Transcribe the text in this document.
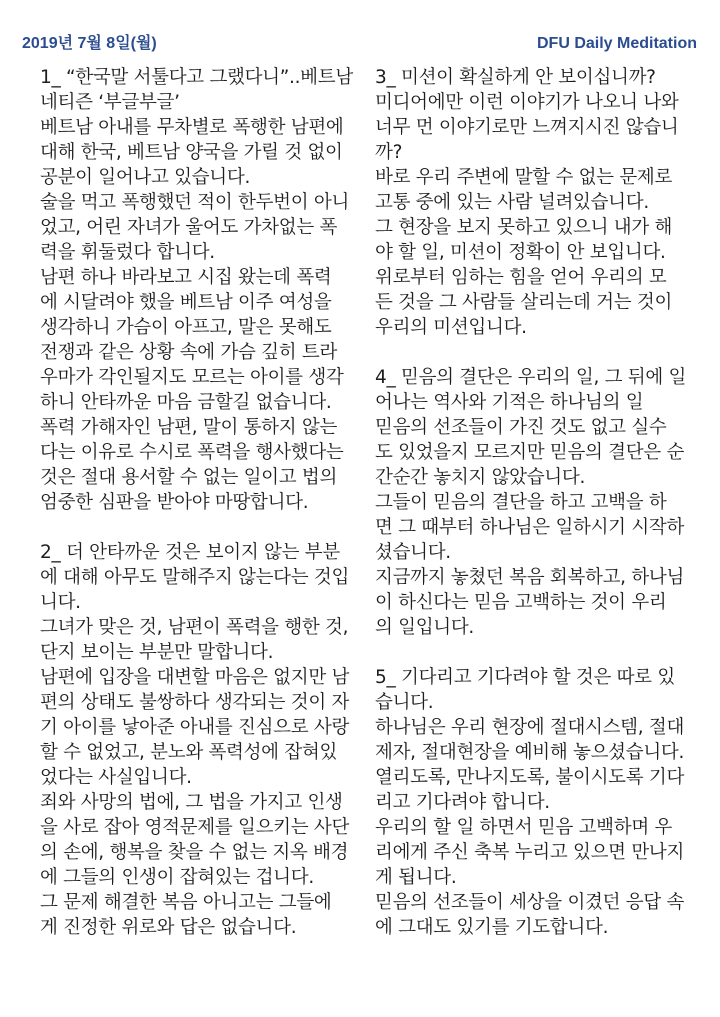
2019년 7월 8일(월)	DFU Daily Meditation
1_ “한국말 서툴다고 그랬다니”..베트남
네티즌 ‘부글부글’
베트남 아내를 무차별로 폭행한 남편에
대해 한국, 베트남 양국을 가릴 것 없이
공분이 일어나고 있습니다.
술을 먹고 폭행했던 적이 한두번이 아니
었고, 어린 자녀가 울어도 가차없는 폭
력을 휘둘렀다 합니다.
남편 하나 바라보고 시집 왔는데 폭력
에 시달려야 했을 베트남 이주 여성을
생각하니 가슴이 아프고, 말은 못해도
전쟁과 같은 상황 속에 가슴 깊히 트라
우마가 각인될지도 모르는 아이를 생각
하니 안타까운 마음 금할길 없습니다.
폭력 가해자인 남편, 말이 통하지 않는
다는 이유로 수시로 폭력을 행사했다는
것은 절대 용서할 수 없는 일이고 법의
엄중한 심판을 받아야 마땅합니다.
2_ 더 안타까운 것은 보이지 않는 부분
에 대해 아무도 말해주지 않는다는 것입
니다.
그녀가 맞은 것, 남편이 폭력을 행한 것,
단지 보이는 부분만 말합니다.
남편에 입장을 대변할 마음은 없지만 남
편의 상태도 불쌍하다 생각되는 것이 자
기 아이를 낳아준 아내를 진심으로 사랑
할 수 없었고, 분노와 폭력성에 잡혀있
었다는 사실입니다.
죄와 사망의 법에, 그 법을 가지고 인생
을 사로 잡아 영적문제를 일으키는 사단
의 손에, 행복을 찾을 수 없는 지옥 배경
에 그들의 인생이 잡혀있는 겁니다.
그 문제 해결한 복음 아니고는 그들에
게 진정한 위로와 답은 없습니다.
3_ 미션이 확실하게 안 보이십니까?
미디어에만 이런 이야기가 나오니 나와
너무 먼 이야기로만 느껴지시진 않습니
까?
바로 우리 주변에 말할 수 없는 문제로
고통 중에 있는 사람 널려있습니다.
그 현장을 보지 못하고 있으니 내가 해
야 할 일, 미션이 정확이 안 보입니다.
위로부터 임하는 힘을 얻어 우리의 모
든 것을 그 사람들 살리는데 거는 것이
우리의 미션입니다.
4_ 믿음의 결단은 우리의 일, 그 뒤에 일
어나는 역사와 기적은 하나님의 일
믿음의 선조들이 가진 것도 없고 실수
도 있었을지 모르지만 믿음의 결단은 순
간순간 놓치지 않았습니다.
그들이 믿음의 결단을 하고 고백을 하
면 그 때부터 하나님은 일하시기 시작하
셨습니다.
지금까지 놓쳤던 복음 회복하고, 하나님
이 하신다는 믿음 고백하는 것이 우리
의 일입니다.
5_ 기다리고 기다려야 할 것은 따로 있
습니다.
하나님은 우리 현장에 절대시스템, 절대
제자, 절대현장을 예비해 놓으셨습니다.
열리도록, 만나지도록, 불이시도록 기다
리고 기다려야 합니다.
우리의 할 일 하면서 믿음 고백하며 우
리에게 주신 축복 누리고 있으면 만나지
게 됩니다.
믿음의 선조들이 세상을 이겼던 응답 속
에 그대도 있기를 기도합니다.
